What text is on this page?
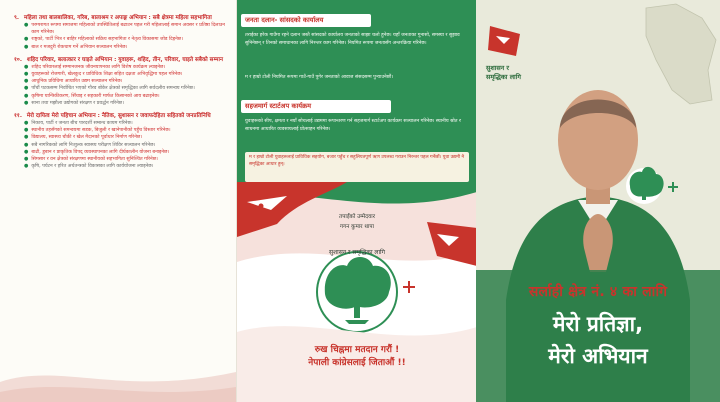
९. महिला तथा बालबालिका, गरिब, बालाश्रम र अपाङ्ग अभियान : सबै क्षेत्रमा महिला सहभागिता
● परम्परागत रूपमा समाजमा महिलाको उपस्थितिलाई बढाउन पहल गरी महिलालाई समान अवसर र प्रतिष्ठा दिलाउन काम गरिनेछ।
● राष्ट्रको, पार्टी भित्र र बाहिर महिलाको सक्रिय सहभागिता र नेतृत्व विकासमा जोड दिइनेछ।
● बाल र मजदुरी रोकथाम गर्ने अभियान सञ्चालन गरिनेछ।
१०. शहिद परिवार, बलात्कार र घाइते अभियान : युवाहरू, शहिद, तीन, परिवार, घाइते सबैको सम्मान
● शहिद परिवारलाई सम्मानजनक जीवनयापनका लागि विशेष कार्यक्रम ल्याइनेछ।
● युवाहरूको रोजगारी, खेलकुद र प्राविधिक शिक्षा सहित दक्षता अभिवृद्धिमा पहल गरिनेछ।
● आधुनिक प्रविधिमा आधारित उद्यम सञ्चालन गरिनेछ।
● पाँचौं पटकसम्म निर्वाचित भएको गौरव बोकेर क्षेत्रको समृद्धिका लागि सर्वदलीय समन्वय गरिनेछ।
● कृषिमा यान्त्रिकीकरण, सिँचाइ र सहकारी मार्फत किसानको आय बढाइनेछ।
● साना तथा मझौला उद्योगको संरक्षण र प्रवर्द्धन गरिनेछ।
११. मेरो दायित्व मेरो पहिचान अभियान : नैतिक, सुशासन र जवाफदेहिता सहितको जनप्रतिनिधि
● निकाय, पार्टी र जनता बीच पारदर्शी सम्बन्ध कायम गरिनेछ।
● स्थानीय तहसँगको समन्वयमा सडक, बिजुली र खानेपानीको पहुँच विस्तार गरिनेछ।
● विद्यालय, स्वास्थ्य चौकी र खेल मैदानको पूर्वाधार निर्माण गरिनेछ।
● सबै नागरिकको लागि निःशुल्क स्वास्थ्य परीक्षण शिविर सञ्चालन गरिनेछ।
● बाढी, डुबान र प्राकृतिक विपद् व्यवस्थापनका लागि दीर्घकालीन योजना बनाइनेछ।
● सिमसार र वन क्षेत्रको संरक्षणमा स्थानीयको सहभागिता सुनिश्चित गरिनेछ।
● कृषि, पर्यटन र हरित अर्थतन्त्रको विकासका लागि कार्ययोजना ल्याइनेछ।
जनता दलान- सांसदको कार्यालय
तराईका हरेक गाउँमा रहने दलान जस्तै सांसदको कार्यालय जनताको साझा थलो हुनेछ। यहाँ जनताका गुनासो, समस्या र सुझाव सुनिनेछन् र तिनको समाधानका लागि निरन्तर काम गरिनेछ। नियमित रूपमा जनतासँग अन्तरक्रिया गरिनेछ।
म र हाम्रो टोली नियमित रूपमा गाउँ-गाउँ पुगेर जनताको आवाज संसदसम्म पुर्‍याउनेछौं।
सहजमार्ग स्टार्टअप कार्यक्रम
युवाहरूको सीप, क्षमता र नयाँ सोचलाई उद्यममा रूपान्तरण गर्न सहजमार्ग स्टार्टअप कार्यक्रम सञ्चालन गरिनेछ। स्थानीय स्रोत र साधनमा आधारित व्यवसायलाई प्रोत्साहन गरिनेछ।
म र हाम्रो टोली युवाहरूलाई प्राविधिक सहयोग, बजार पहुँच र सहुलियतपूर्ण ऋण उपलब्ध गराउन निरन्तर पहल गर्नेछौं। युवा उद्यमी नै समृद्धिका आधार हुन्।
तपाईंको उम्मेदवार
गगन कुमार थापा
सुशासन र समृद्धिका लागि
रुख चिह्नमा मतदान गरौं !
नेपाली कांग्रेसलाई जिताऔं !!
सुशासन र
समृद्धिका लागि
सर्लाही क्षेत्र नं. ४ का लागि
मेरो प्रतिज्ञा,
मेरो अभियान
